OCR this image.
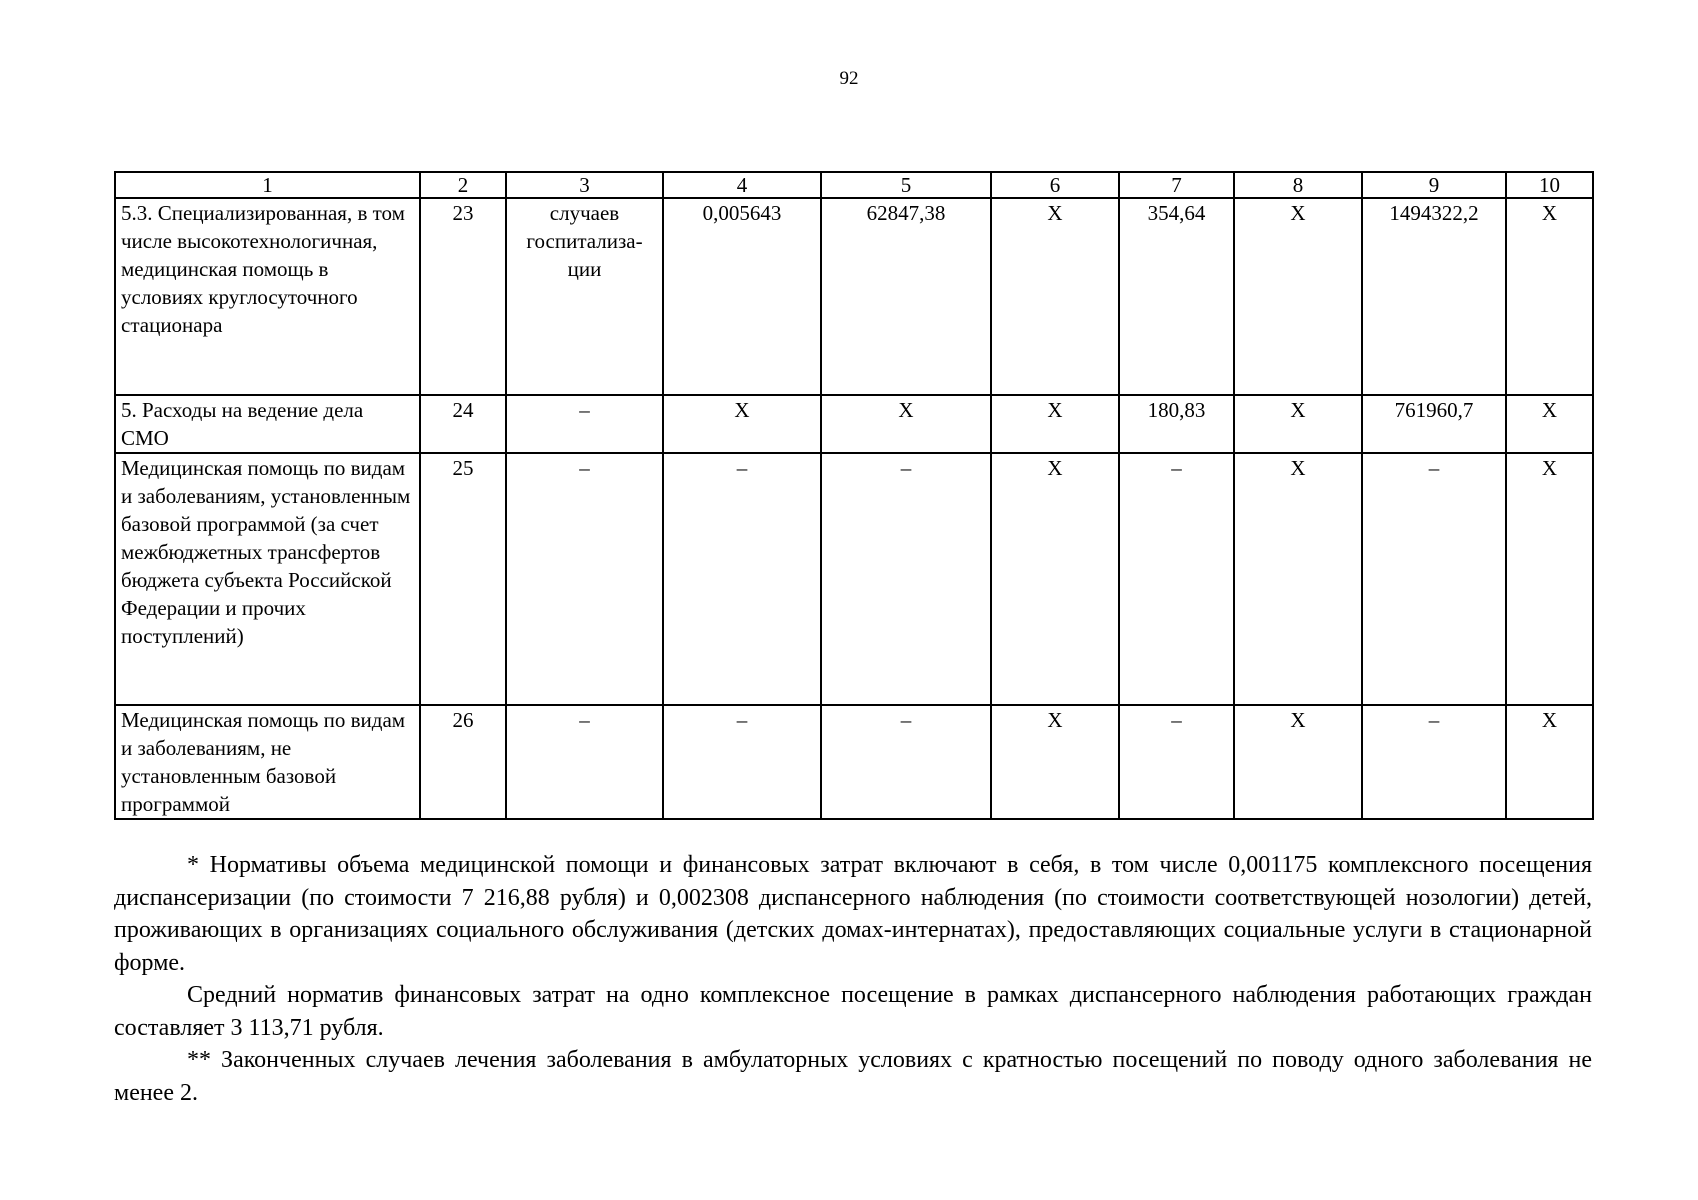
92
1	2	3	4	5	6	7	8	9	10
5.3. Специализированная, в том числе высокотехнологичная, медицинская помощь в условиях круглосуточного стационара	23	случаев госпитализа-ции	0,005643	62847,38	Х	354,64	Х	1494322,2	Х
5. Расходы на ведение дела СМО	24	–	Х	Х	Х	180,83	Х	761960,7	Х
Медицинская помощь по видам и заболеваниям, установленным базовой программой (за счет межбюджетных трансфертов бюджета субъекта Российской Федерации и прочих поступлений)	25	–	–	–	Х	–	Х	–	Х
Медицинская помощь по видам и заболеваниям, не установленным базовой программой	26	–	–	–	Х	–	Х	–	Х

* Нормативы объема медицинской помощи и финансовых затрат включают в себя, в том числе 0,001175 комплексного посещения диспансеризации (по стоимости 7 216,88 рубля) и 0,002308 диспансерного наблюдения (по стоимости соответствующей нозологии) детей, проживающих в организациях социального обслуживания (детских домах-интернатах), предоставляющих социальные услуги в стационарной форме.

Средний норматив финансовых затрат на одно комплексное посещение в рамках диспансерного наблюдения работающих граждан составляет 3 113,71 рубля.

** Законченных случаев лечения заболевания в амбулаторных условиях с кратностью посещений по поводу одного заболевания не менее 2.
